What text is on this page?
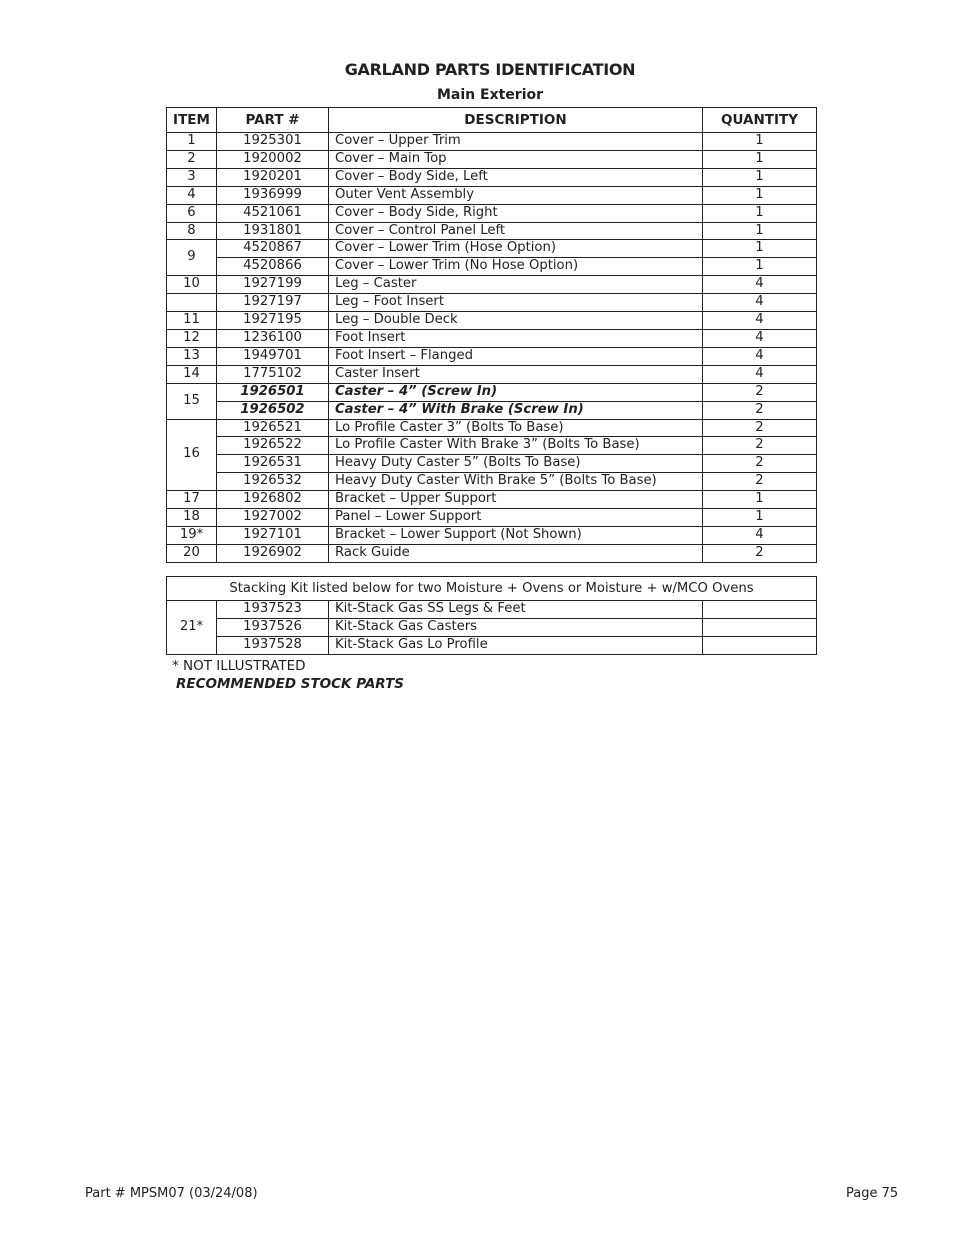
GARLAND PARTS IDENTIFICATION
Main Exterior
ITEM	PART #	DESCRIPTION	QUANTITY
1	1925301	Cover – Upper Trim	1
2	1920002	Cover – Main Top	1
3	1920201	Cover – Body Side, Left	1
4	1936999	Outer Vent Assembly	1
6	4521061	Cover – Body Side, Right	1
8	1931801	Cover – Control Panel Left	1
9	4520867	Cover – Lower Trim (Hose Option)	1
	4520866	Cover – Lower Trim (No Hose Option)	1
10	1927199	Leg – Caster	4
	1927197	Leg – Foot Insert	4
11	1927195	Leg – Double Deck	4
12	1236100	Foot Insert	4
13	1949701	Foot Insert – Flanged	4
14	1775102	Caster Insert	4
15	1926501	Caster – 4” (Screw In)	2
	1926502	Caster – 4” With Brake (Screw In)	2
16	1926521	Lo Profile Caster 3” (Bolts To Base)	2
	1926522	Lo Profile Caster With Brake 3” (Bolts To Base)	2
	1926531	Heavy Duty Caster 5” (Bolts To Base)	2
	1926532	Heavy Duty Caster With Brake 5” (Bolts To Base)	2
17	1926802	Bracket – Upper Support	1
18	1927002	Panel – Lower Support	1
19*	1927101	Bracket – Lower Support (Not Shown)	4
20	1926902	Rack Guide	2
Stacking Kit listed below for two Moisture + Ovens or Moisture + w/MCO Ovens			
21*	1937523	Kit-Stack Gas SS Legs & Feet	
	1937526	Kit-Stack Gas Casters	
	1937528	Kit-Stack Gas Lo Profile	
* NOT ILLUSTRATED
RECOMMENDED STOCK PARTS
Part # MPSM07 (03/24/08)	Page 75
